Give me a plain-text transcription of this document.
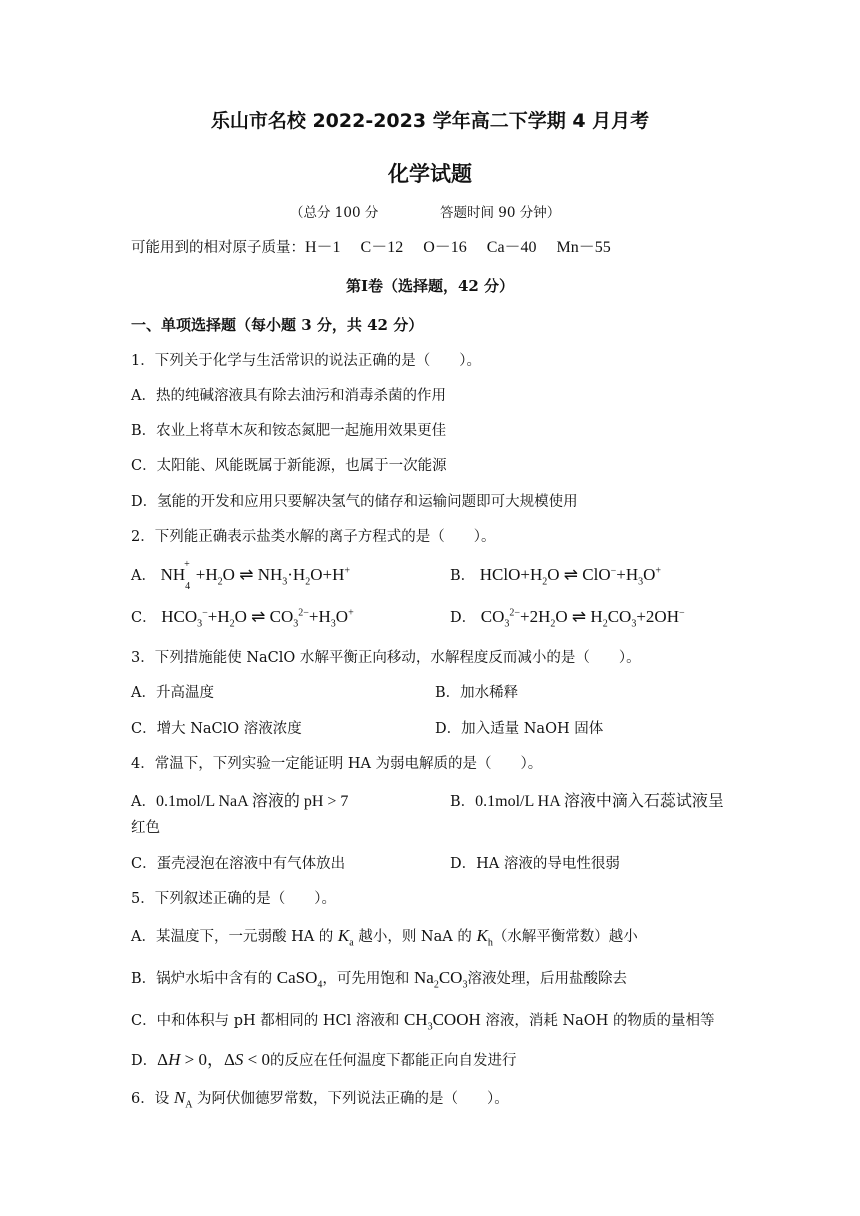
乐山市名校 2022-2023 学年高二下学期 4 月月考
化学试题
（总分 100 分	答题时间 90 分钟）
可能用到的相对原子质量：H－1　 C－12　 O－16　 Ca－40　 Mn－55
第Ⅰ卷（选择题，42 分）
一、单项选择题（每小题 3 分，共 42 分）
1．下列关于化学与生活常识的说法正确的是（　　）。
A．热的纯碱溶液具有除去油污和消毒杀菌的作用
B．农业上将草木灰和铵态氮肥一起施用效果更佳
C．太阳能、风能既属于新能源，也属于一次能源
D．氢能的开发和应用只要解决氢气的储存和运输问题即可大规模使用
2．下列能正确表示盐类水解的离子方程式的是（　　）。
A． $NH_4^++H_2O$ ⇌ $NH_3\cdot H_2O+H^+$	B． $HClO+H_2O$ ⇌ $ClO^-+H_3O^+$
C． $HCO_3^-+H_2O$ ⇌ $CO_3^{2-}+H_3O^+$	D． $CO_3^{2-}+2H_2O$ ⇌ $H_2CO_3+2OH^-$
3．下列措施能使 NaClO 水解平衡正向移动，水解程度反而减小的是（　　）。
A．升高温度	B．加水稀释
C．增大 NaClO 溶液浓度	D．加入适量 NaOH 固体
4．常温下，下列实验一定能证明 HA 为弱电解质的是（　　）。
A．0.1mol/L NaA 溶液的 pH > 7	B．0.1mol/L HA 溶液中滴入石蕊试液呈
红色
C．蛋壳浸泡在溶液中有气体放出	D．HA 溶液的导电性很弱
5．下列叙述正确的是（　　）。
A．某温度下，一元弱酸 HA 的 $K_a$ 越小，则 NaA 的 $K_h$（水解平衡常数）越小
B．锅炉水垢中含有的 CaSO$_4$，可先用饱和 $Na_2CO_3$溶液处理，后用盐酸除去
C．中和体积与 pH 都相同的 HCl 溶液和 $CH_3COOH$ 溶液，消耗 NaOH 的物质的量相等
D．ΔH > 0，ΔS < 0的反应在任何温度下都能正向自发进行
6．设 $N_A$ 为阿伏伽德罗常数，下列说法正确的是（　　）。
